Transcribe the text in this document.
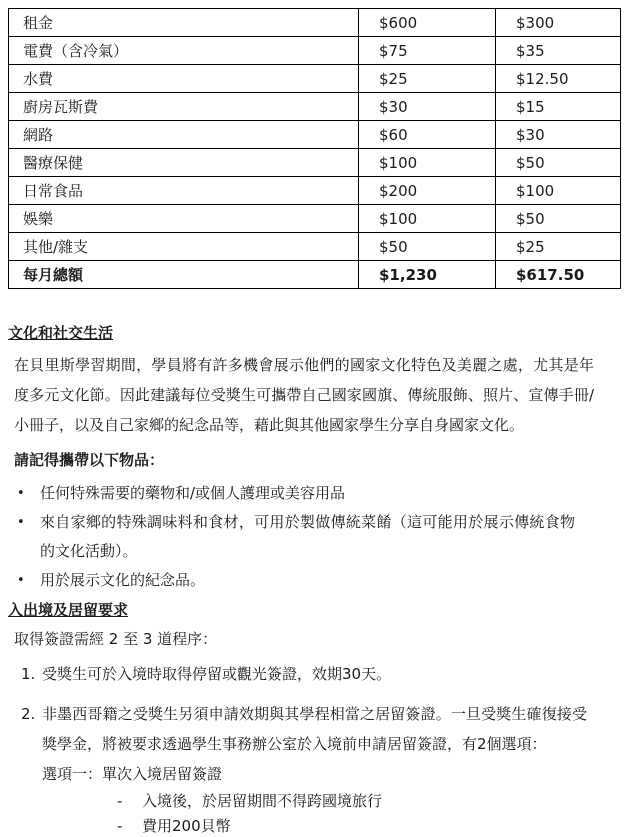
租金	$600	$300
電費（含冷氣）	$75	$35
水費	$25	$12.50
廚房瓦斯費	$30	$15
網路	$60	$30
醫療保健	$100	$50
日常食品	$200	$100
娛樂	$100	$50
其他/雜支	$50	$25
每月總額	$1,230	$617.50
文化和社交生活

在貝里斯學習期間，學員將有許多機會展示他們的國家文化特色及美麗之處，尤其是年度多元文化節。因此建議每位受獎生可攜帶自己國家國旗、傳統服飾、照片、宣傳手冊/小冊子，以及自己家鄉的紀念品等，藉此與其他國家學生分享自身國家文化。

請記得攜帶以下物品：

•	任何特殊需要的藥物和/或個人護理或美容用品
•	來自家鄉的特殊調味料和食材，可用於製做傳統菜餚（這可能用於展示傳統食物的文化活動）。
•	用於展示文化的紀念品。
入出境及居留要求

取得簽證需經 2 至 3 道程序：

1. 受獎生可於入境時取得停留或觀光簽證，效期30天。
2. 非墨西哥籍之受獎生另須申請效期與其學程相當之居留簽證。一旦受獎生確復接受獎學金，將被要求透過學生事務辦公室於入境前申請居留簽證，有2個選項：
選項一：單次入境居留簽證
-	入境後，於居留期間不得跨國境旅行
-	費用200貝幣
